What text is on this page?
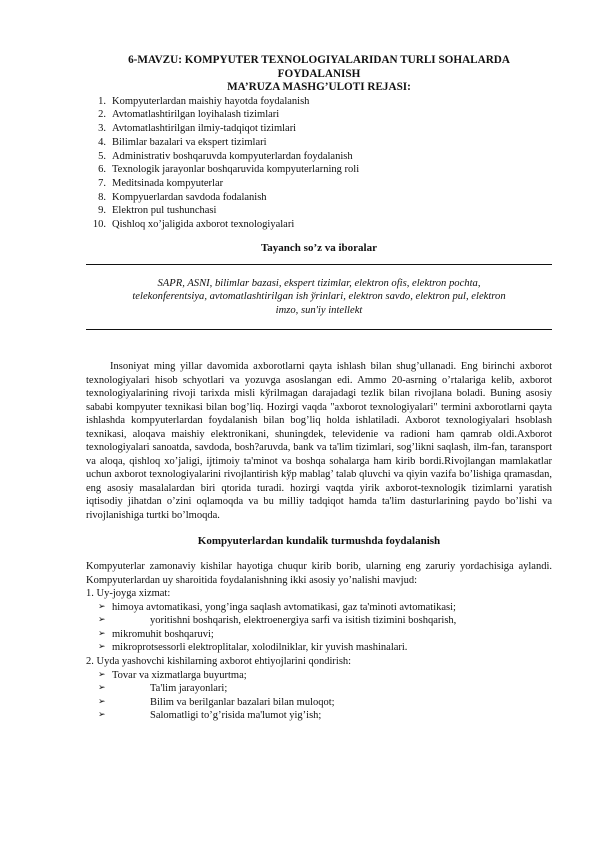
6-MAVZU: KOMPYUTER TEXNOLOGIYALARIDAN TURLI SOHALARDA
FOYDALANISH
MA’RUZA MASHG’ULOTI REJASI:
1. Kompyuterlardan maishiy hayotda foydalanish
2. Avtomatlashtirilgan loyihalash tizimlari
3. Avtomatlashtirilgan ilmiy-tadqiqot tizimlari
4. Bilimlar bazalari va ekspert tizimlari
5. Administrativ boshqaruvda kompyuterlardan foydalanish
6. Texnologik jarayonlar boshqaruvida kompyuterlarning roli
7. Meditsinada kompyuterlar
8. Kompyuerlardan savdoda fodalanish
9. Elektron pul tushunchasi
10. Qishloq xo’jaligida axborot texnologiyalari
Tayanch so’z va iboralar
SAPR, ASNI, bilimlar bazasi, ekspert tizimlar, elektron ofis, elektron pochta,
telekonferentsiya, avtomatlashtirilgan ish ўrinlari, elektron savdo, elektron pul, elektron
imzo, sun'iy intellekt
Insoniyat ming yillar davomida axborotlarni qayta ishlash bilan shug’ullanadi. Eng birinchi axborot texnologiyalari hisob schyotlari va yozuvga asoslangan edi. Ammo 20-asrning o’rtalariga kelib, axborot texnologiyalarining rivoji tarixda misli kўrilmagan darajadagi tezlik bilan rivojlana boladi. Buning asosiy sababi kompyuter texnikasi bilan bog’liq. Hozirgi vaqda "axborot texnologiyalari" termini axborotlarni qayta ishlashda kompyuterlardan foydalanish bilan bog’liq holda ishlatiladi. Axborot texnologiyalari hsoblash texnikasi, aloqava maishiy elektronikani, shuningdek, televidenie va radioni ham qamrab oldi.Axborot texnologiyalari sanoatda, savdoda, bosh?aruvda, bank va ta'lim tizimlari, sog’likni saqlash, ilm-fan, taransport va aloqa, qishloq xo’jaligi, ijtimoiy ta'minot va boshqa sohalarga ham kirib bordi.Rivojlangan mamlakatlar uchun axborot texnologiyalarini rivojlantirish kўp mablag’ talab qluvchi va qiyin vazifa bo’lishiga qramasdan, eng asosiy masalalardan biri qtorida turadi. hozirgi vaqtda yirik axborot-texnologik tizimlarni yaratish iqtisodiy jihatdan o’zini oqlamoqda va bu milliy tadqiqot hamda ta'lim dasturlarining paydo bo’lishi va rivojlanishiga turtki bo’lmoqda.
Kompyuterlardan kundalik turmushda foydalanish
Kompyuterlar zamonaviy kishilar hayotiga chuqur kirib borib, ularning eng zaruriy yordachisiga aylandi. Kompyuterlardan uy sharoitida foydalanishning ikki asosiy yo’nalishi mavjud:
1. Uy-joyga xizmat:
➢ himoya avtomatikasi, yong’inga saqlash avtomatikasi, gaz ta'minoti avtomatikasi;
➢	yoritishni boshqarish, elektroenergiya sarfi va isitish tizimini boshqarish,
➢ mikromuhit boshqaruvi;
➢ mikroprotsessorli elektroplitalar, xolodilniklar, kir yuvish mashinalari.
2. Uyda yashovchi kishilarning axborot ehtiyojlarini qondirish:
➢ Tovar va xizmatlarga buyurtma;
➢	Ta'lim jarayonlari;
➢	Bilim va berilganlar bazalari bilan muloqot;
➢	Salomatligi to’g’risida ma'lumot yig’ish;
